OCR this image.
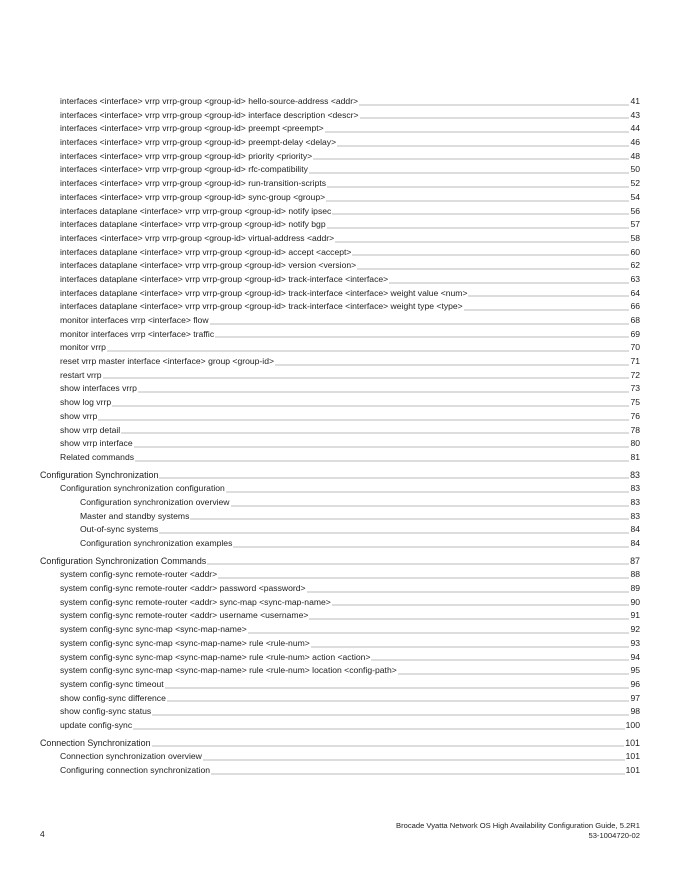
interfaces <interface> vrrp vrrp-group <group-id> hello-source-address <addr>	41
interfaces <interface> vrrp vrrp-group <group-id> interface description <descr>	43
interfaces <interface> vrrp vrrp-group <group-id> preempt <preempt>	44
interfaces <interface> vrrp vrrp-group <group-id> preempt-delay <delay>	46
interfaces <interface> vrrp vrrp-group <group-id> priority <priority>	48
interfaces <interface> vrrp vrrp-group <group-id> rfc-compatibility	50
interfaces <interface> vrrp vrrp-group <group-id> run-transition-scripts	52
interfaces <interface> vrrp vrrp-group <group-id> sync-group <group>	54
interfaces dataplane <interface> vrrp vrrp-group <group-id> notify ipsec	56
interfaces dataplane <interface> vrrp vrrp-group <group-id> notify bgp	57
interfaces <interface> vrrp vrrp-group <group-id> virtual-address <addr>	58
interfaces dataplane <interface> vrrp vrrp-group <group-id> accept <accept>	60
interfaces dataplane <interface> vrrp vrrp-group <group-id> version <version>	62
interfaces dataplane <interface> vrrp vrrp-group <group-id> track-interface <interface>	63
interfaces dataplane <interface> vrrp vrrp-group <group-id> track-interface <interface> weight value <num>	64
interfaces dataplane <interface> vrrp vrrp-group <group-id> track-interface <interface> weight type <type>	66
monitor interfaces vrrp <interface> flow	68
monitor interfaces vrrp <interface> traffic	69
monitor vrrp	70
reset vrrp master interface <interface> group <group-id>	71
restart vrrp	72
show interfaces vrrp	73
show log vrrp	75
show vrrp	76
show vrrp detail	78
show vrrp interface	80
Related commands	81
Configuration Synchronization	83
Configuration synchronization configuration	83
Configuration synchronization overview	83
Master and standby systems	83
Out-of-sync systems	84
Configuration synchronization examples	84
Configuration Synchronization Commands	87
system config-sync remote-router <addr>	88
system config-sync remote-router <addr> password <password>	89
system config-sync remote-router <addr> sync-map <sync-map-name>	90
system config-sync remote-router <addr> username <username>	91
system config-sync sync-map <sync-map-name>	92
system config-sync sync-map <sync-map-name> rule <rule-num>	93
system config-sync sync-map <sync-map-name> rule <rule-num> action <action>	94
system config-sync sync-map <sync-map-name> rule <rule-num> location <config-path>	95
system config-sync timeout	96
show config-sync difference	97
show config-sync status	98
update config-sync	100
Connection Synchronization	101
Connection synchronization overview	101
Configuring connection synchronization	101
4
Brocade Vyatta Network OS High Availability Configuration Guide, 5.2R1
53-1004720-02
